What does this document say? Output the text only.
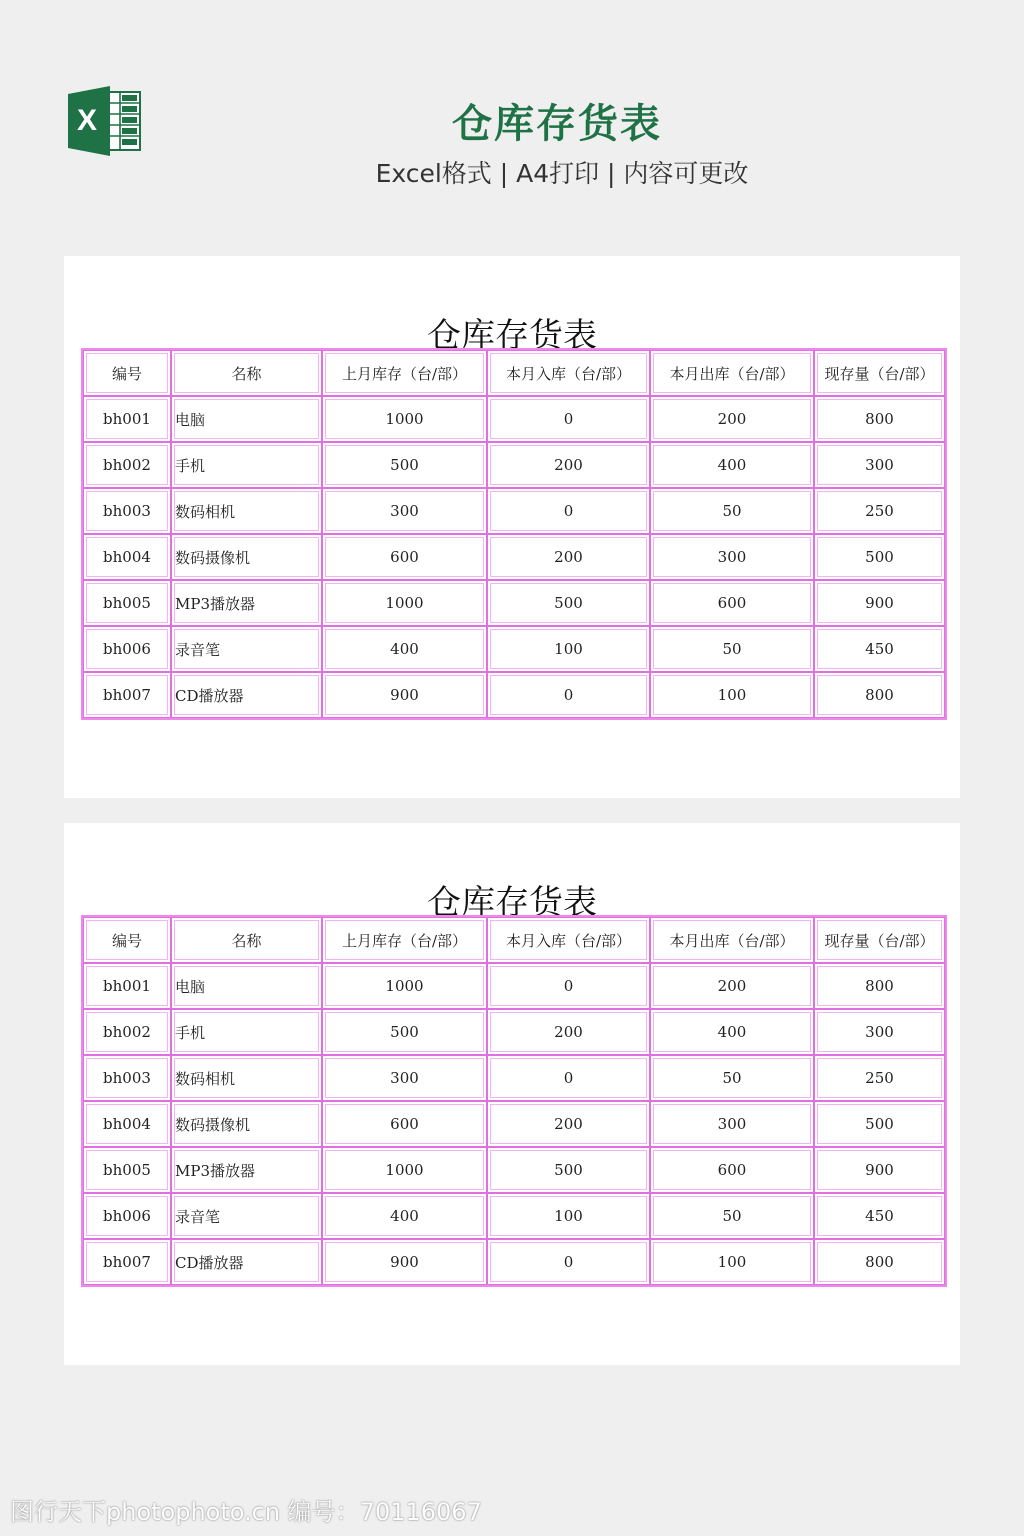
X	仓库存货表
Excel格式 | A4打印 | 内容可更改
仓库存货表
编号	名称	上月库存（台/部）	本月入库（台/部）	本月出库（台/部）	现存量（台/部）
bh001	电脑	1000	0	200	800
bh002	手机	500	200	400	300
bh003	数码相机	300	0	50	250
bh004	数码摄像机	600	200	300	500
bh005	MP3播放器	1000	500	600	900
bh006	录音笔	400	100	50	450
bh007	CD播放器	900	0	100	800
仓库存货表
编号	名称	上月库存（台/部）	本月入库（台/部）	本月出库（台/部）	现存量（台/部）
bh001	电脑	1000	0	200	800
bh002	手机	500	200	400	300
bh003	数码相机	300	0	50	250
bh004	数码摄像机	600	200	300	500
bh005	MP3播放器	1000	500	600	900
bh006	录音笔	400	100	50	450
bh007	CD播放器	900	0	100	800
图行天下photophoto.cn 编号：70116067
